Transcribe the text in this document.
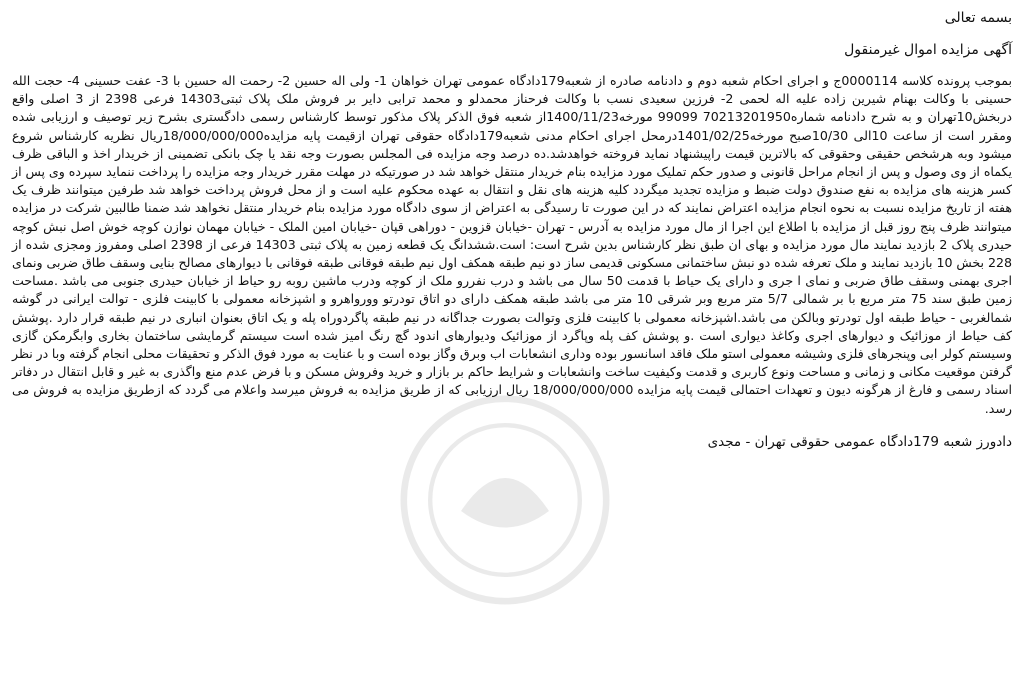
بسمه تعالی

آگهی مزایده اموال غیرمنقول

بموجب پرونده کلاسه 0000114ج و اجرای احکام شعبه دوم و دادنامه صادره از شعبه179دادگاه عمومی تهران خواهان 1- ولی اله حسین 2- رحمت اله حسین با 3- عفت حسینی 4- حجت الله حسینی با وکالت بهنام شیرین زاده علیه اله لحمی 2- فرزین سعیدی نسب با وکالت فرحناز محمدلو و محمد ترابی دایر بر فروش ملک پلاک ثبتی14303 فرعی 2398 از 3 اصلی واقع دربخش10تهران و به شرح دادنامه شماره70213201950 99099 مورخه1400/11/23از شعبه فوق الذکر پلاک مذکور توسط کارشناس رسمی دادگستری بشرح زیر توصیف و ارزیابی شده ومقرر است از ساعت 10الی 10/30صبح مورخه1401/02/25درمحل اجرای احکام مدنی شعبه179دادگاه حقوقی تهران ازقیمت پایه مزایده18/000/000/000ریال نظریه کارشناس شروع میشود وبه هرشخص حقیقی وحقوقی که بالاترین قیمت راپیشنهاد نماید فروخته خواهدشد.ده درصد وجه مزایده فی المجلس بصورت وجه نقد یا چک بانکی تضمینی از خریدار اخذ و الباقی ظرف یکماه از وی وصول و پس از انجام مراحل قانونی و صدور حکم تملیک مورد مزایده بنام خریدار منتقل خواهد شد در صورتیکه در مهلت مقرر خریدار وجه مزایده را پرداخت ننماید سپرده وی پس از کسر هزینه های مزایده به نفع صندوق دولت ضبط و مزایده تجدید میگردد کلیه هزینه های نقل و انتقال به عهده محکوم علیه است و از محل فروش پرداخت خواهد شد طرفین میتوانند ظرف یک هفته از تاریخ مزایده نسبت به نحوه انجام مزایده اعتراض نمایند که در این صورت تا رسیدگی به اعتراض از سوی دادگاه مورد مزایده بنام خریدار منتقل نخواهد شد ضمنا طالبین شرکت در مزایده میتوانند ظرف پنج روز قبل از مزایده با اطلاع این اجرا از مال مورد مزایده به آدرس - تهران -خیابان قزوین - دوراهی قپان -خیابان امین الملک - خیابان مهمان نوازن کوچه خوش اصل نبش کوچه حیدری پلاک 2 بازدید نمایند مال مورد مزایده و بهای ان طبق نظر کارشناس بدین شرح است: است.ششدانگ یک قطعه زمین به پلاک ثبتی 14303 فرعی از 2398 اصلی ومفروز ومجزی شده از 228 بخش 10 بازدید نمایند و ملک تعرفه شده دو نبش ساختمانی مسکونی قدیمی ساز دو نیم طبقه همکف اول نیم طبقه فوقانی طبقه فوقانی با دیوارهای مصالح بنایی وسقف طاق ضربی ونمای اجری بهمنی وسقف طاق ضربی و نمای ا جری و دارای یک حیاط با قدمت 50 سال می باشد و درب نفررو ملک از کوچه ودرب ماشین روبه رو حیاط از خیابان حیدری جنوبی می باشد .مساحت زمین طبق سند 75 متر مربع با بر شمالی 5/7 متر مربع وبر شرقی 10 متر می باشد طبقه همکف دارای دو اتاق تودرتو وورواهرو و اشپزخانه معمولی با کابینت فلزی - توالت ایرانی در گوشه شمالغربی - حیاط طبقه اول تودرتو وبالکن می باشد.اشپزخانه معمولی با کابینت فلزی وتوالت بصورت جداگانه در نیم طبقه پاگردوراه پله و یک اتاق بعنوان انباری در نیم طبقه قرار دارد .پوشش کف حیاط از موزائیک و دیوارهای اجری وکاغذ دیواری است .و پوشش کف پله وپاگرد از موزائیک ودیوارهای اندود گچ رنگ امیز شده است سیستم گرمایشی ساختمان بخاری وابگرمکن گازی وسیستم کولر ابی وپنجرهای فلزی وشیشه معمولی استو ملک فاقد اسانسور بوده وداری انشعابات اب وبرق وگاز بوده است و با عنایت به مورد فوق الذکر و تحقیقات محلی انجام گرفته وبا در نظر گرفتن موقعیت مکانی و زمانی و مساحت ونوع کاربری و قدمت وکیفیت ساخت وانشعابات و شرایط حاکم بر بازار و خرید وفروش مسکن و با فرض عدم منع واگذری به غیر و قابل انتقال در دفاتر اسناد رسمی و فارغ از هرگونه دیون و تعهدات احتمالی قیمت پایه مزایده 18/000/000/000 ریال ارزیابی که از طریق مزایده به فروش میرسد واعلام می گردد که ازطریق مزایده به فروش می رسد.

دادورز شعبه 179دادگاه عمومی حقوقی تهران - مجدی
